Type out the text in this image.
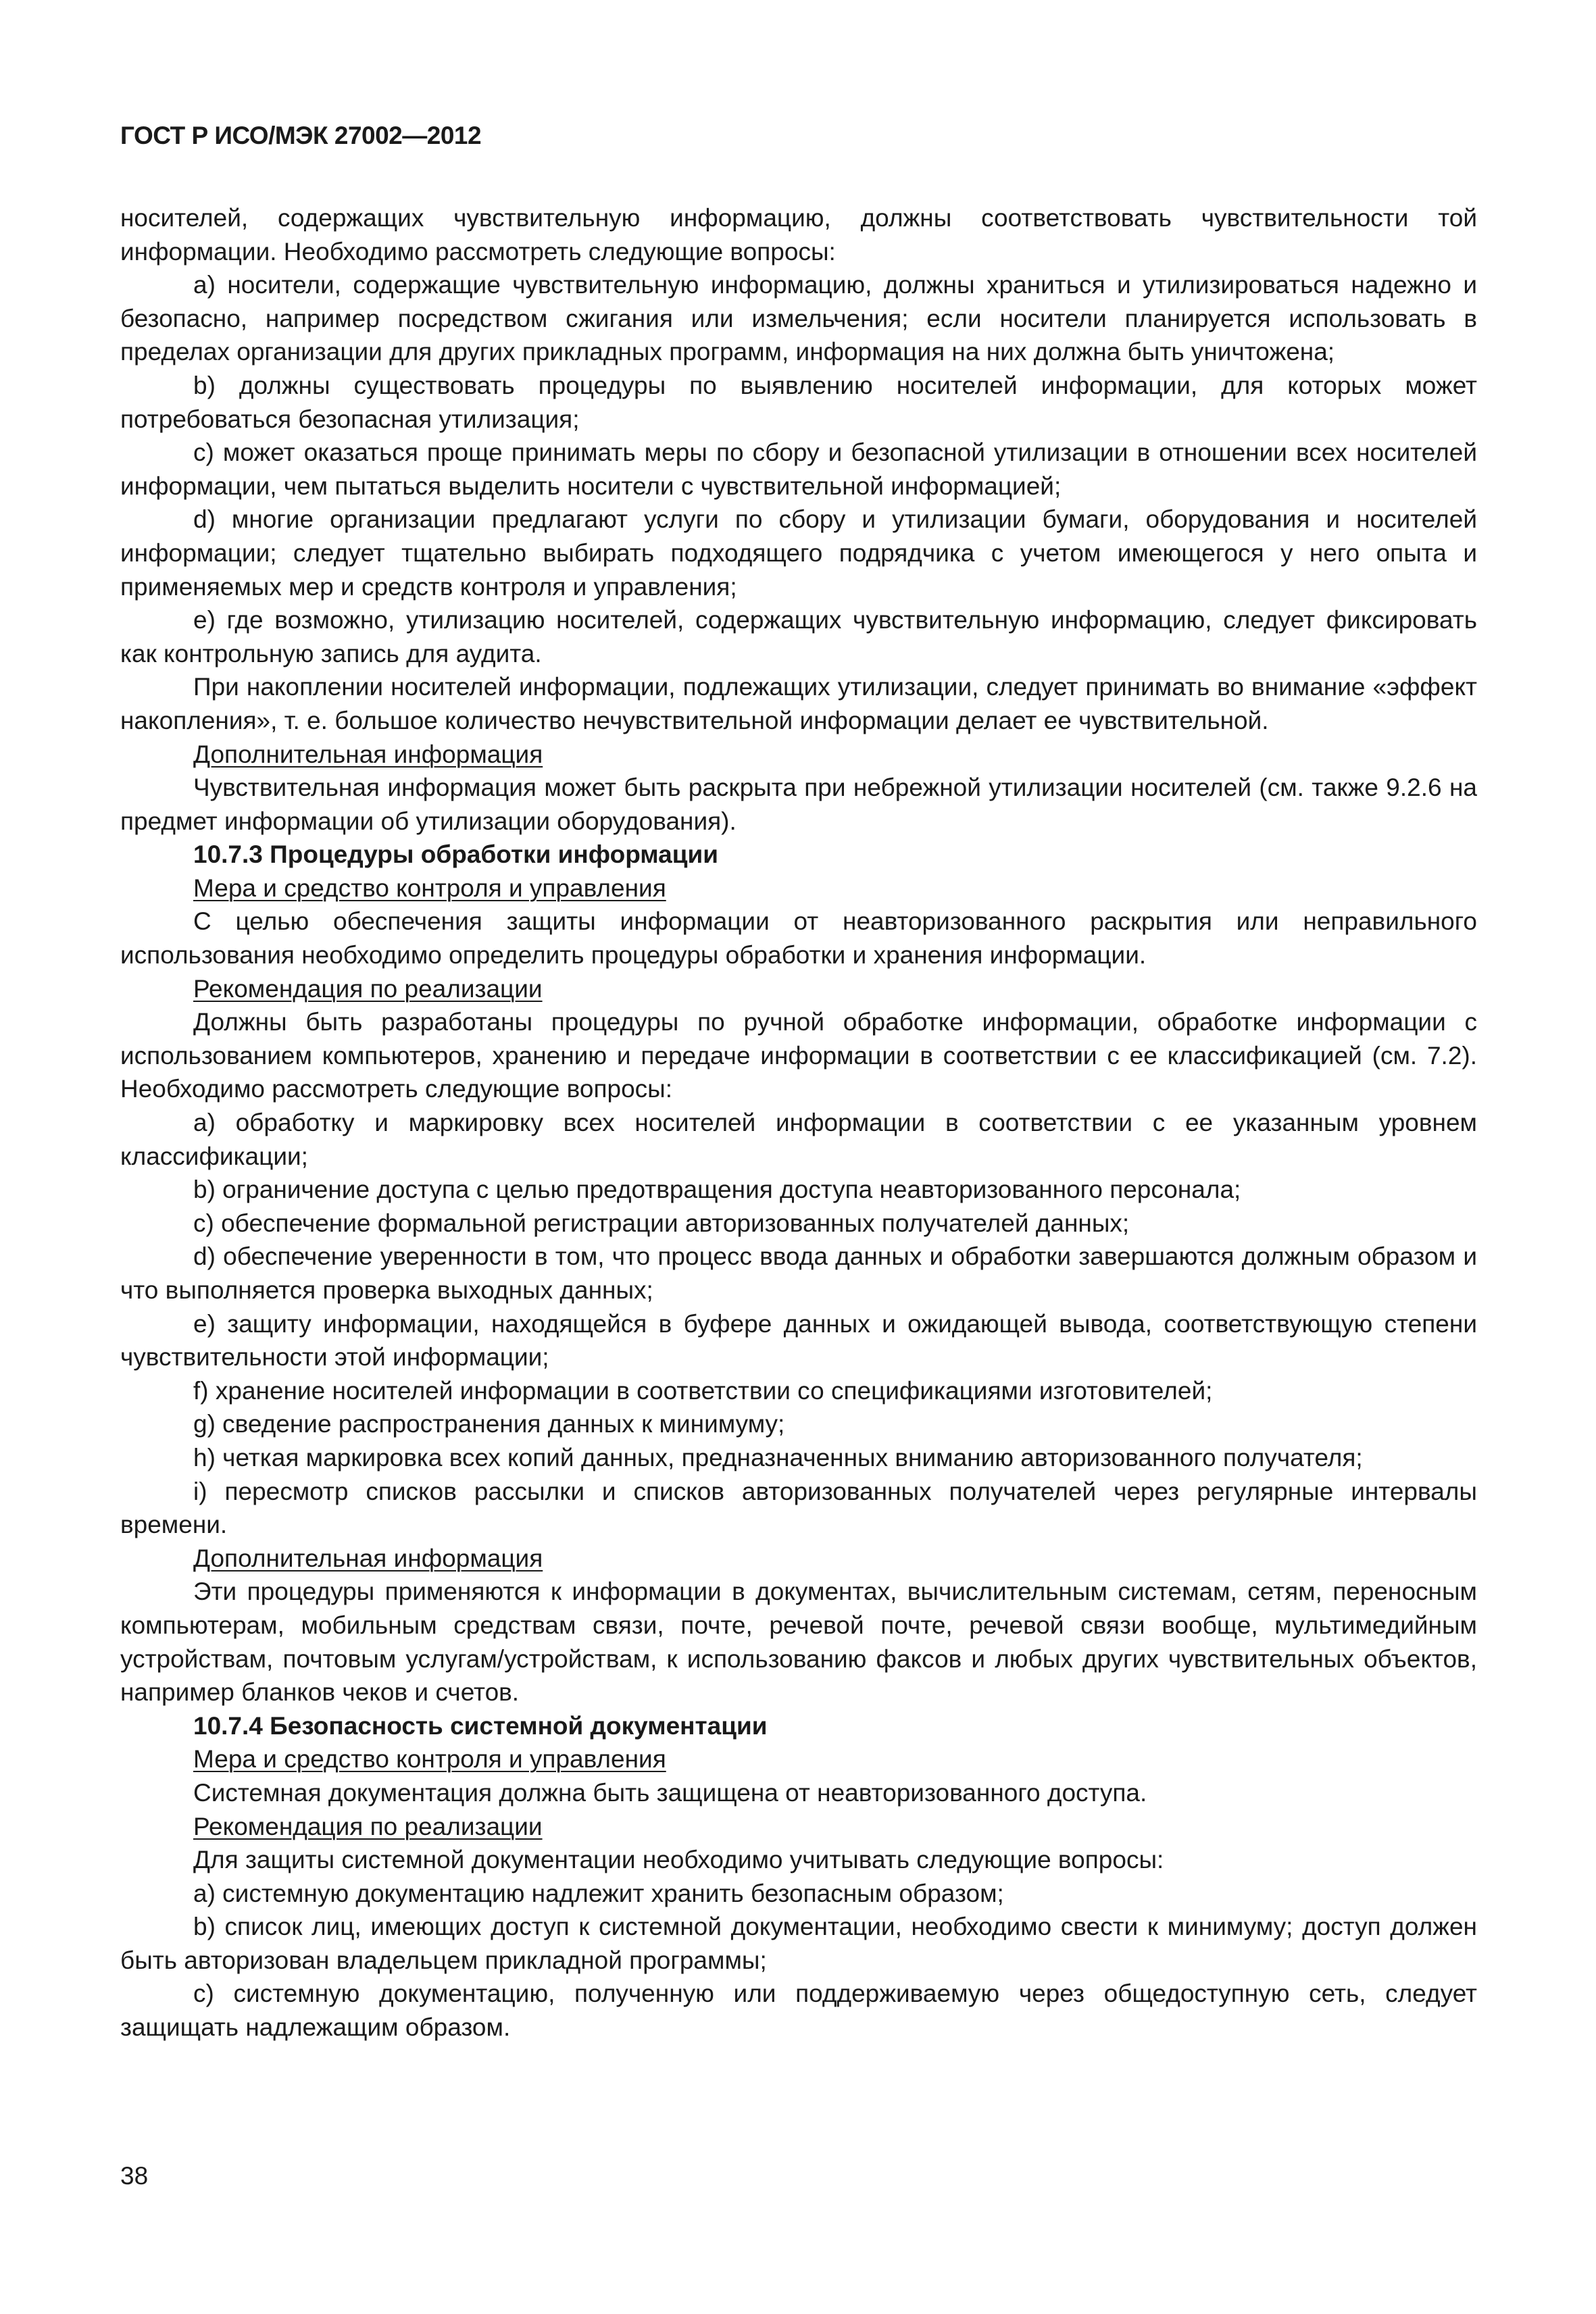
ГОСТ Р ИСО/МЭК 27002—2012

носителей, содержащих чувствительную информацию, должны соответствовать чувствительности той информации. Необходимо рассмотреть следующие вопросы:

a) носители, содержащие чувствительную информацию, должны храниться и утилизироваться надежно и безопасно, например посредством сжигания или измельчения; если носители планируется использовать в пределах организации для других прикладных программ, информация на них должна быть уничтожена;

b) должны существовать процедуры по выявлению носителей информации, для которых может потребоваться безопасная утилизация;

c) может оказаться проще принимать меры по сбору и безопасной утилизации в отношении всех носителей информации, чем пытаться выделить носители с чувствительной информацией;

d) многие организации предлагают услуги по сбору и утилизации бумаги, оборудования и носителей информации; следует тщательно выбирать подходящего подрядчика с учетом имеющегося у него опыта и применяемых мер и средств контроля и управления;

e) где возможно, утилизацию носителей, содержащих чувствительную информацию, следует фиксировать как контрольную запись для аудита.

При накоплении носителей информации, подлежащих утилизации, следует принимать во внимание «эффект накопления», т. е. большое количество нечувствительной информации делает ее чувствительной.

Дополнительная информация

Чувствительная информация может быть раскрыта при небрежной утилизации носителей (см. также 9.2.6 на предмет информации об утилизации оборудования).

10.7.3 Процедуры обработки информации

Мера и средство контроля и управления

С целью обеспечения защиты информации от неавторизованного раскрытия или неправильного использования необходимо определить процедуры обработки и хранения информации.

Рекомендация по реализации

Должны быть разработаны процедуры по ручной обработке информации, обработке информации с использованием компьютеров, хранению и передаче информации в соответствии с ее классификацией (см. 7.2). Необходимо рассмотреть следующие вопросы:

a) обработку и маркировку всех носителей информации в соответствии с ее указанным уровнем классификации;

b) ограничение доступа с целью предотвращения доступа неавторизованного персонала;

c) обеспечение формальной регистрации авторизованных получателей данных;

d) обеспечение уверенности в том, что процесс ввода данных и обработки завершаются должным образом и что выполняется проверка выходных данных;

e) защиту информации, находящейся в буфере данных и ожидающей вывода, соответствующую степени чувствительности этой информации;

f) хранение носителей информации в соответствии со спецификациями изготовителей;

g) сведение распространения данных к минимуму;

h) четкая маркировка всех копий данных, предназначенных вниманию авторизованного получателя;

i) пересмотр списков рассылки и списков авторизованных получателей через регулярные интервалы времени.

Дополнительная информация

Эти процедуры применяются к информации в документах, вычислительным системам, сетям, переносным компьютерам, мобильным средствам связи, почте, речевой почте, речевой связи вообще, мультимедийным устройствам, почтовым услугам/устройствам, к использованию факсов и любых других чувствительных объектов, например бланков чеков и счетов.

10.7.4 Безопасность системной документации

Мера и средство контроля и управления

Системная документация должна быть защищена от неавторизованного доступа.

Рекомендация по реализации

Для защиты системной документации необходимо учитывать следующие вопросы:

a) системную документацию надлежит хранить безопасным образом;

b) список лиц, имеющих доступ к системной документации, необходимо свести к минимуму; доступ должен быть авторизован владельцем прикладной программы;

c) системную документацию, полученную или поддерживаемую через общедоступную сеть, следует защищать надлежащим образом.

38
